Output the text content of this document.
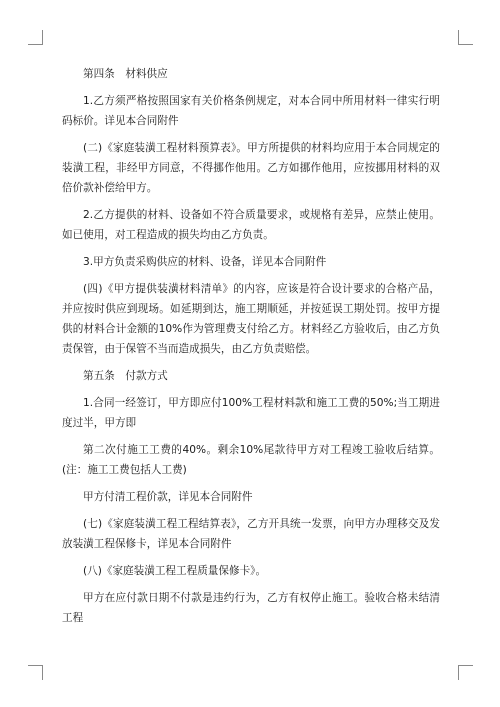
第四条　材料供应

1.乙方须严格按照国家有关价格条例规定，对本合同中所用材料一律实行明码标价。详见本合同附件

(二)《家庭装潢工程材料预算表》。甲方所提供的材料均应用于本合同规定的装潢工程，非经甲方同意，不得挪作他用。乙方如挪作他用，应按挪用材料的双倍价款补偿给甲方。

2.乙方提供的材料、设备如不符合质量要求，或规格有差异，应禁止使用。如已使用，对工程造成的损失均由乙方负责。

3.甲方负责采购供应的材料、设备，详见本合同附件

(四)《甲方提供装潢材料清单》的内容，应该是符合设计要求的合格产品，并应按时供应到现场。如延期到达，施工期顺延，并按延误工期处罚。按甲方提供的材料合计金额的10%作为管理费支付给乙方。材料经乙方验收后，由乙方负责保管，由于保管不当而造成损失，由乙方负责赔偿。

第五条　付款方式

1.合同一经签订，甲方即应付100%工程材料款和施工工费的50%;当工期进度过半，甲方即

第二次付施工工费的40%。剩余10%尾款待甲方对工程竣工验收后结算。(注：施工工费包括人工费)

甲方付清工程价款，详见本合同附件

(七)《家庭装潢工程工程结算表》，乙方开具统一发票，向甲方办理移交及发放装潢工程保修卡，详见本合同附件

(八)《家庭装潢工程工程质量保修卡》。

甲方在应付款日期不付款是违约行为，乙方有权停止施工。验收合格未结清工程
